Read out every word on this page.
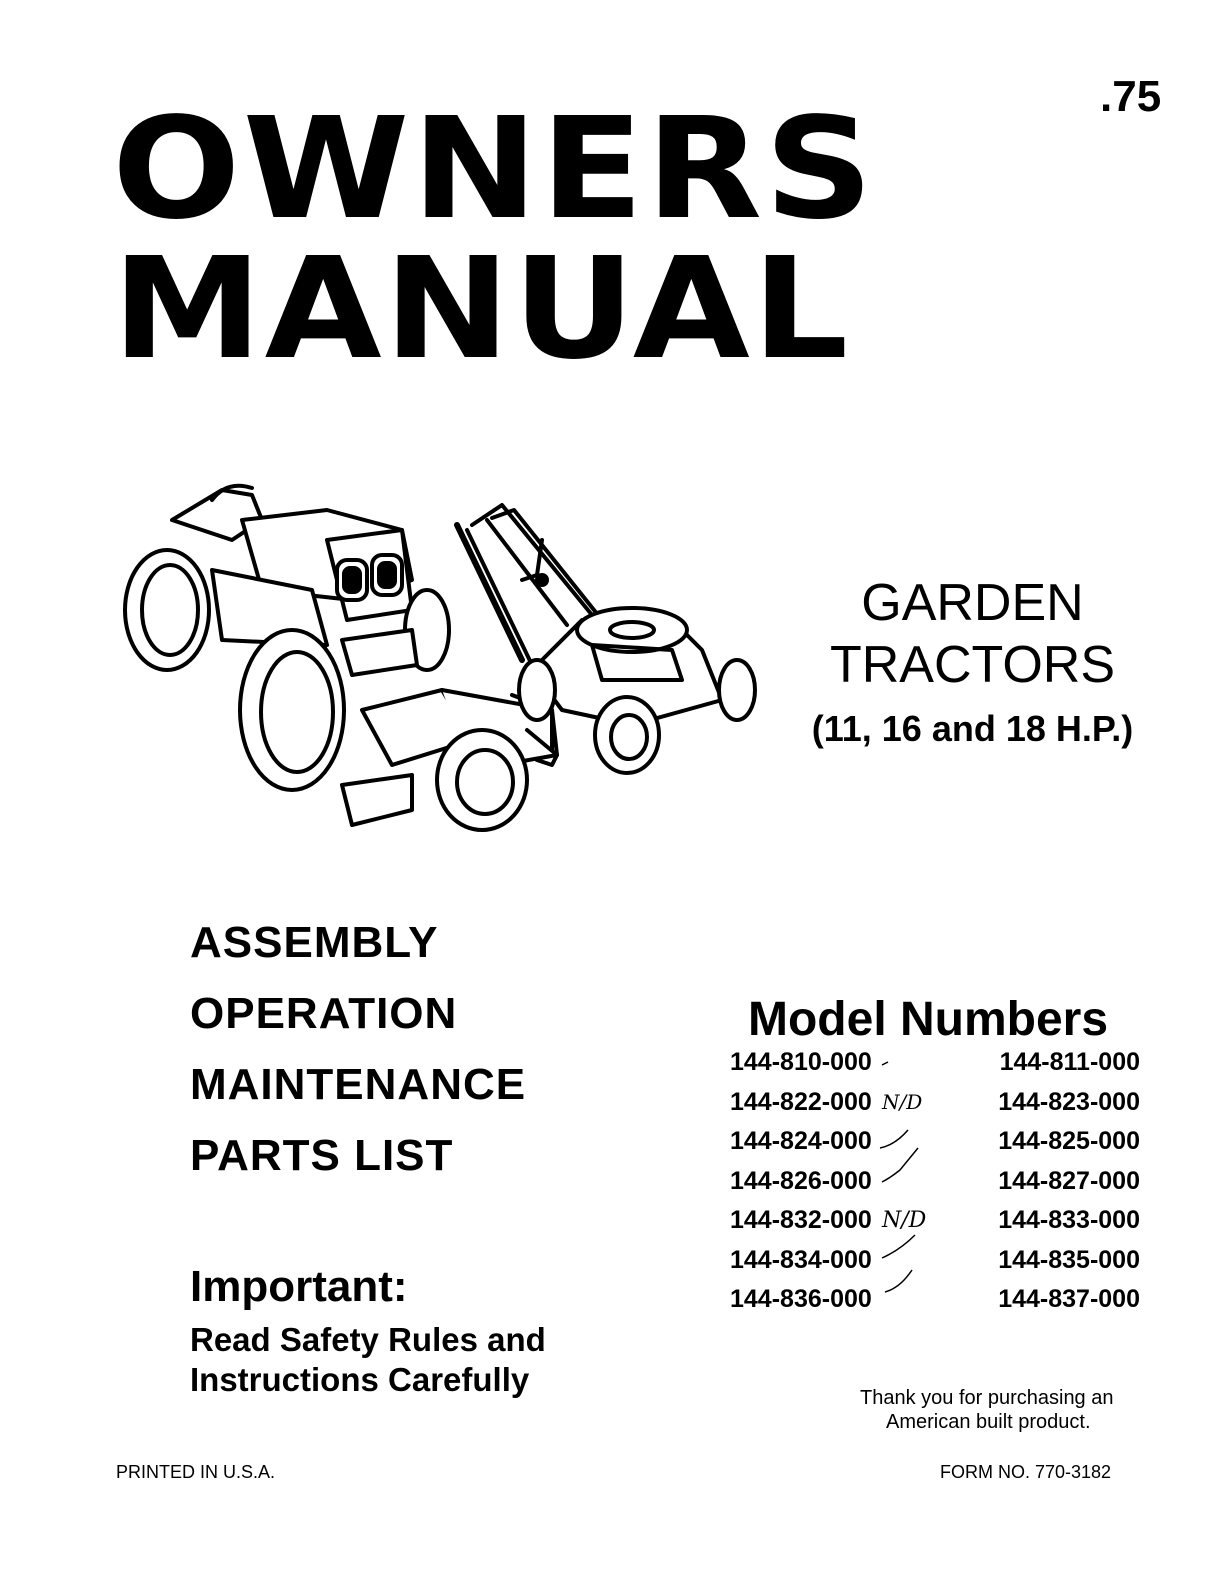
.75
OWNERS
MANUAL
GARDEN
TRACTORS
(11, 16 and 18 H.P.)
ASSEMBLY
OPERATION
MAINTENANCE
PARTS LIST
Important:
Read Safety Rules and
Instructions Carefully
Model Numbers
144-810-000	144-811-000
144-822-000	144-823-000
144-824-000	144-825-000
144-826-000	144-827-000
144-832-000	144-833-000
144-834-000	144-835-000
144-836-000	144-837-000
N/D
N/D
Thank you for purchasing an
American built product.
PRINTED IN U.S.A.	FORM NO. 770-3182
